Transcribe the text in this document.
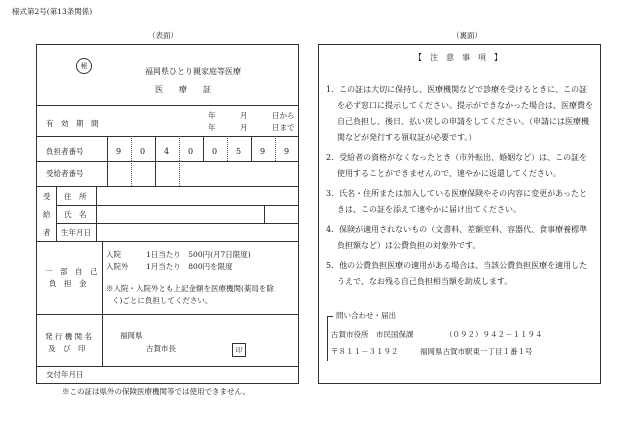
様式第2号(第13条関係)
（表面）
秘
福岡県ひとり親家庭等医療
医　　療　　証
有　効　期　間
年	月	日から
年	月	日まで
負担者番号	9	0	4	0	0	5	9	9
受給者番号
受
給
者
住　所
氏　名
生年月日
一　部　自　己
負　担　金
入院	1日当たり　500円(月7日限度)
入院外 1月当たり　800円を限度
※入院・入院外とも上記金額を医療機関(薬局を除
く)ごとに負担してください。
発 行 機 関 名
及　び　印
福岡県
古賀市長	印
交付年月日
※この証は県外の保険医療機関等では使用できません。
（裏面）
【　注　意　事　項　】
1．この証は大切に保持し、医療機関などで診療を受けるときに、この証
を必ず窓口に提示してください。提示ができなかった場合は、医療費を
自己負担し、後日、払い戻しの申請をしてください。（申請には医療機
関などが発行する領収証が必要です。）
2．受給者の資格がなくなったとき（市外転出、婚姻など）は、この証を
使用することができませんので、速やかに返還してください。
3．氏名・住所または加入している医療保険やその内容に変更があったと
きは、この証を添えて速やかに届け出てください。
4．保険が適用されないもの（文書料、差額室料、容器代、食事療養標準
負担額など）は公費負担の対象外です。
5．他の公費負担医療の適用がある場合は、当該公費負担医療を適用した
うえで、なお残る自己負担相当額を助成します。
問い合わせ・届出
古賀市役所　市民国保課	（０９２）９４２－１１９４
〒８１１－３１９２	福岡県古賀市駅東一丁目１番１号
